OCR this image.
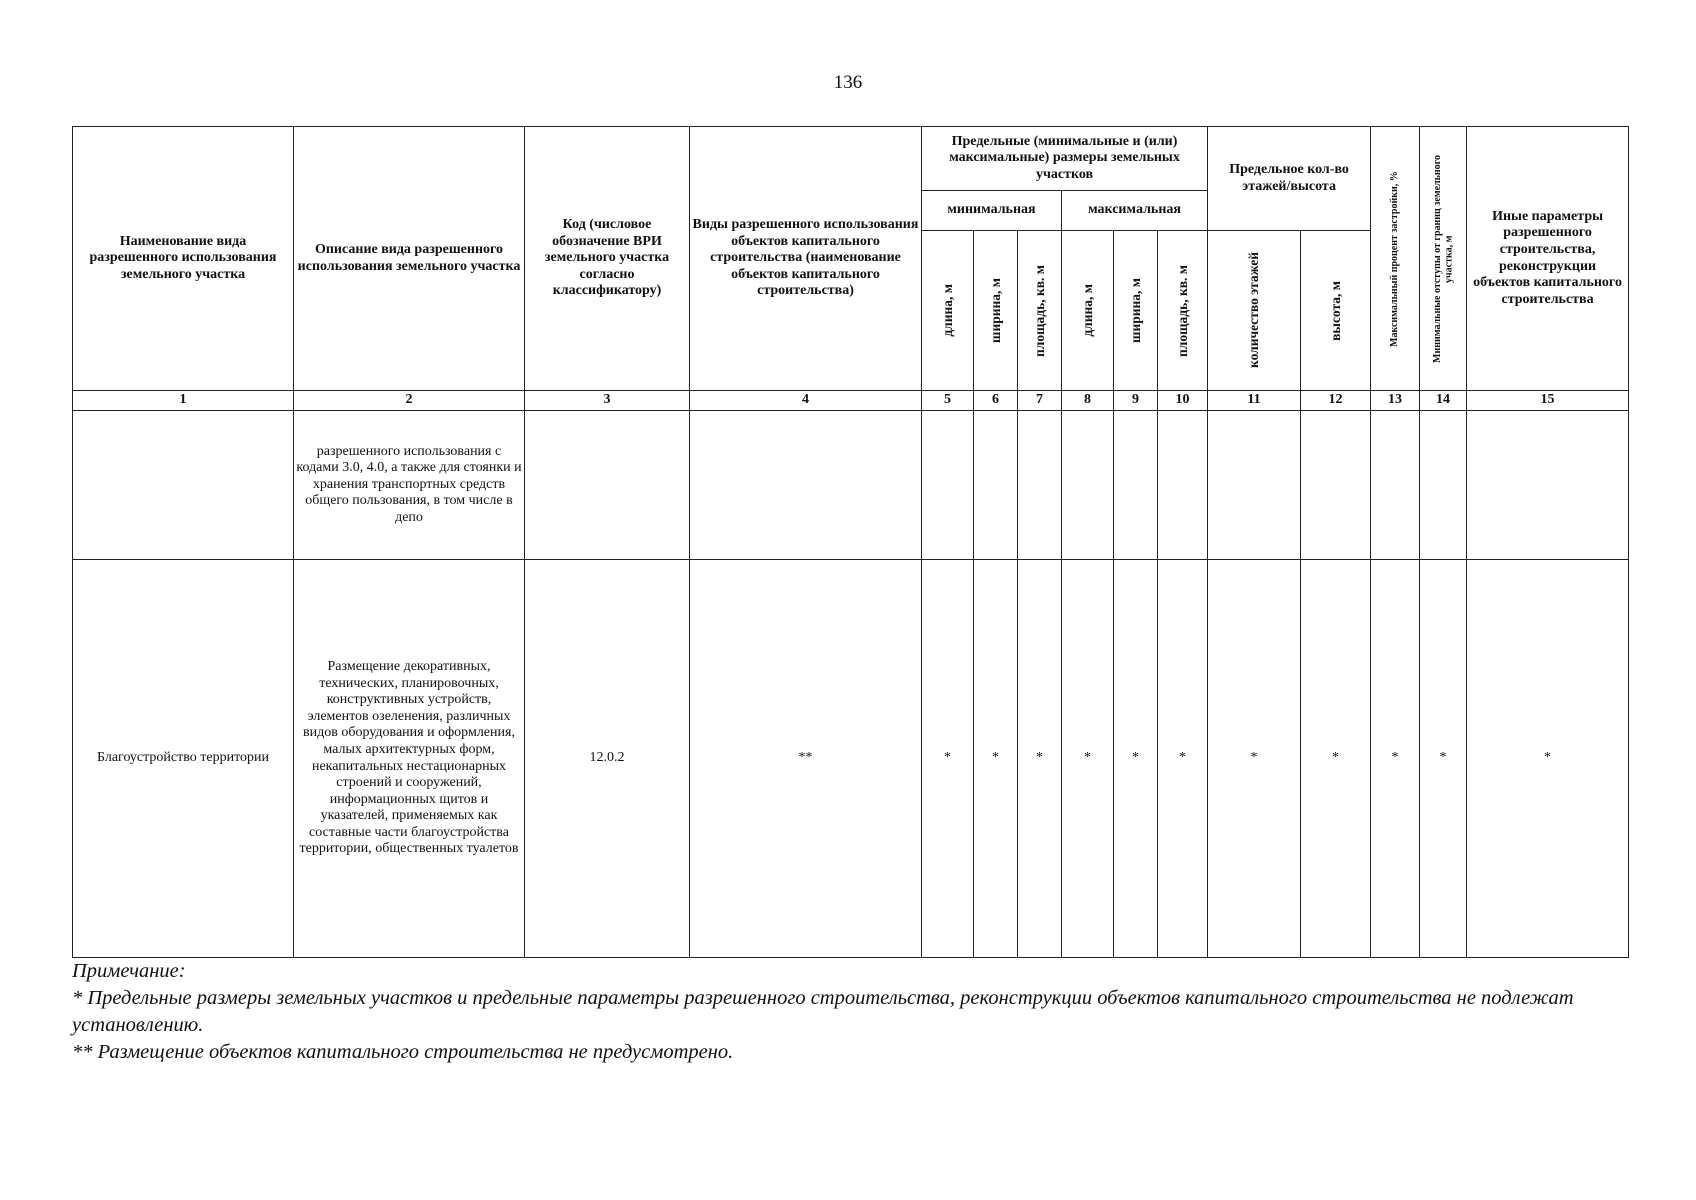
136
Наименование вида разрешенного использования земельного участка	Описание вида разрешенного использования земельного участка	Код (числовое обозначение ВРИ земельного участка согласно классификатору)	Виды разрешенного использования объектов капитального строительства (наименование объектов капитального строительства)	Предельные (минимальные и (или) максимальные) размеры земельных участков						Предельное кол-во этажей/высота		Максимальный процент застройки, %	Минимальные отступы от границ земельного участка, м	Иные параметры разрешенного строительства, реконструкции объектов капитального строительства
				минимальная			максимальная							

				длина, м	ширина, м	площадь, кв. м	длина, м	ширина, м	площадь, кв. м	количество этажей	высота, м			

1	2	3	4	5	6	7	8	9	10	11	12	13	14	15
	разрешенного использования с кодами 3.0, 4.0, а также для стоянки и хранения транспортных средств общего пользования, в том числе в депо													
Благоустройство территории	Размещение декоративных, технических, планировочных, конструктивных устройств, элементов озеленения, различных видов оборудования и оформления, малых архитектурных форм, некапитальных нестационарных строений и сооружений, информационных щитов и указателей, применяемых как составные части благоустройства территории, общественных туалетов	12.0.2	**	*	*	*	*	*	*	*	*	*	*	*
Примечание:
* Предельные размеры земельных участков и предельные параметры разрешенного строительства, реконструкции объектов капитального строительства не подлежат установлению.
** Размещение объектов капитального строительства не предусмотрено.
